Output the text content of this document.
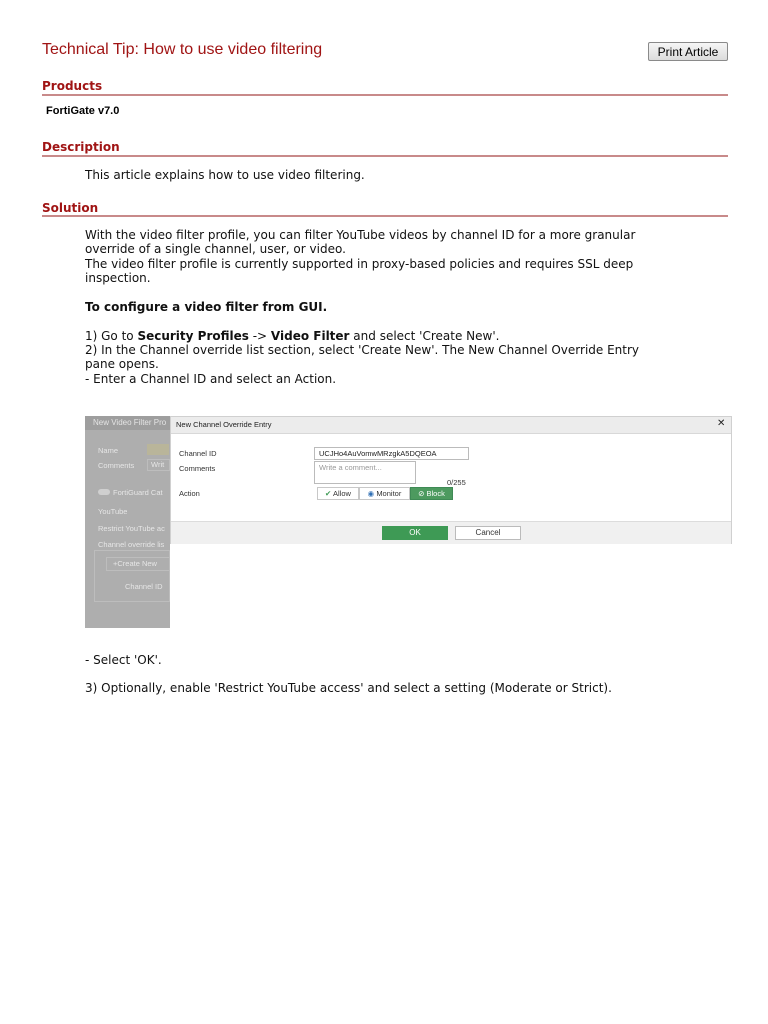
Technical Tip: How to use video filtering	Print Article
Products
FortiGate v7.0
Description
This article explains how to use video filtering.
Solution
With the video filter profile, you can filter YouTube videos by channel ID for a more granular
override of a single channel, user, or video.
The video filter profile is currently supported in proxy-based policies and requires SSL deep
inspection.
To configure a video filter from GUI.
1) Go to Security Profiles -> Video Filter and select 'Create New'.
2) In the Channel override list section, select 'Create New'. The New Channel Override Entry
pane opens.
- Enter a Channel ID and select an Action.
New Video Filter Pro
Name
Comments	Writ
FortiGuard Cat
YouTube
Restrict YouTube ac
Channel override lis
+Create New
Channel ID
New Channel Override Entry	✕
Channel ID	UCJHo4AuVomwMRzgkA5DQEOA
Comments	Write a comment...
0/255
Action	✔ Allow	◉ Monitor	⊘ Block
OK	Cancel
- Select 'OK'.
3) Optionally, enable 'Restrict YouTube access' and select a setting (Moderate or Strict).
